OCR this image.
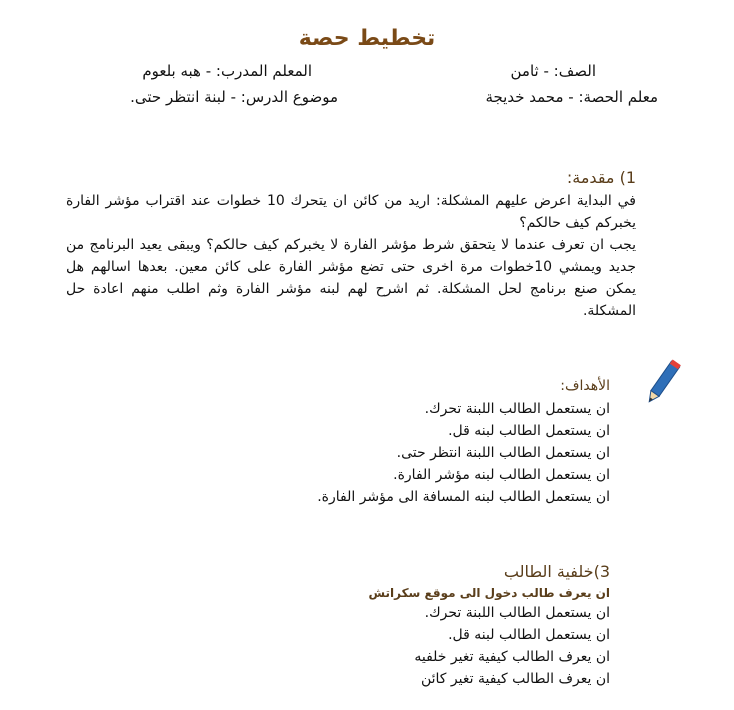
تخطيط حصة
الصف: - ثامن
المعلم المدرب: - هبه بلعوم
معلم الحصة: - محمد خديجة
موضوع الدرس: - لبنة انتظر حتى.
1) مقدمة:
في البداية اعرض عليهم المشكلة: اريد من كائن ان يتحرك 10 خطوات عند اقتراب مؤشر الفارة يخبركم كيف حالكم؟
يجب ان تعرف عندما لا يتحقق شرط مؤشر الفارة لا يخبركم كيف حالكم؟ ويبقى يعيد البرنامج من جديد ويمشي 10خطوات مرة اخرى حتى تضع مؤشر الفارة على كائن معين. بعدها اسالهم هل يمكن صنع برنامج لحل المشكلة. ثم اشرح لهم لبنه مؤشر الفارة وثم اطلب منهم اعادة حل المشكلة.
الأهداف:
ان يستعمل الطالب اللبنة تحرك.
ان يستعمل الطالب لبنه قل.
ان يستعمل الطالب اللبنة انتظر حتى.
ان يستعمل الطالب لبنه مؤشر الفارة.
ان يستعمل الطالب لبنه المسافة الى مؤشر الفارة.
3)خلفية الطالب
ان يعرف طالب دخول الى موقع سكراتش
ان يستعمل الطالب اللبنة تحرك.
ان يستعمل الطالب لبنه قل.
ان يعرف الطالب كيفية تغير خلفيه
ان يعرف الطالب كيفية تغير كائن
